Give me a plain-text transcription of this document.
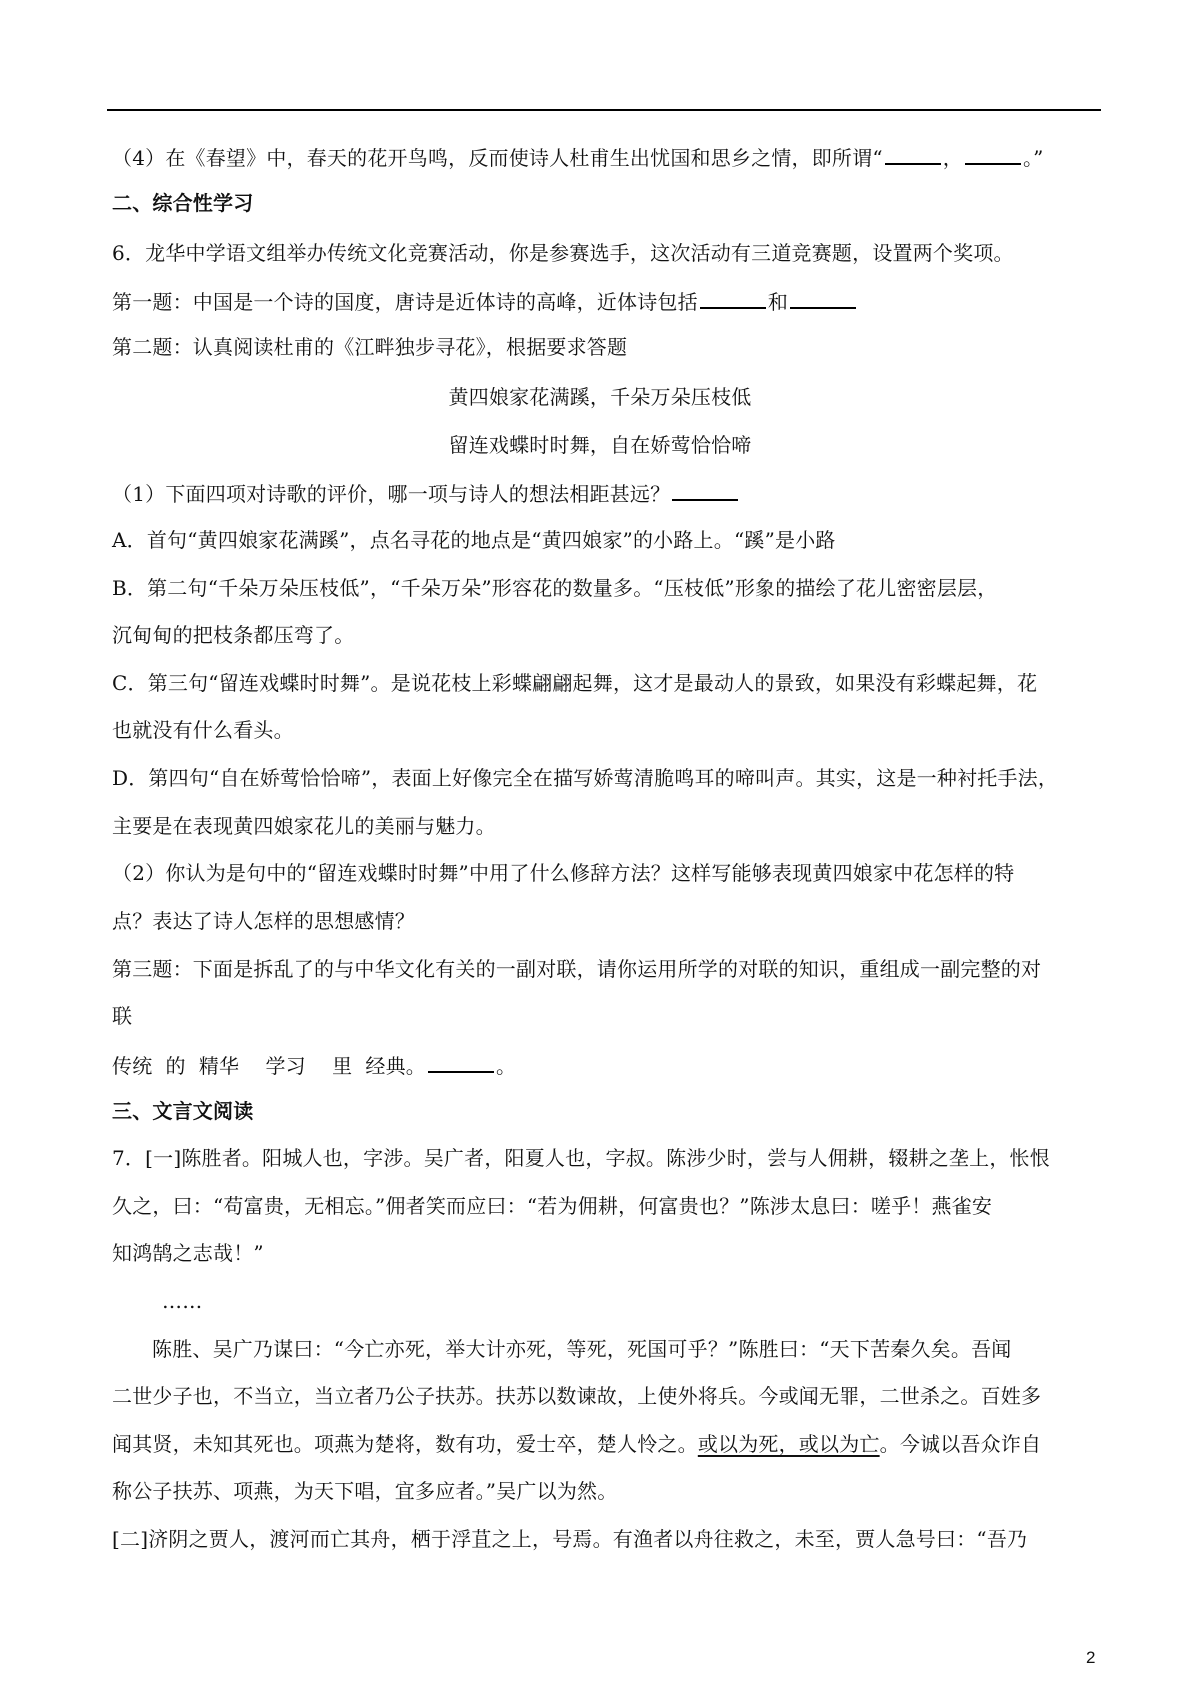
（4）在《春望》中，春天的花开鸟鸣，反而使诗人杜甫生出忧国和思乡之情，即所谓“	，	。”
二、综合性学习
6．龙华中学语文组举办传统文化竞赛活动，你是参赛选手，这次活动有三道竞赛题，设置两个奖项。
第一题：中国是一个诗的国度，唐诗是近体诗的高峰，近体诗包括	和
第二题：认真阅读杜甫的《江畔独步寻花》，根据要求答题
黄四娘家花满蹊，千朵万朵压枝低
留连戏蝶时时舞，自在娇莺恰恰啼
（1）下面四项对诗歌的评价，哪一项与诗人的想法相距甚远？
A．首句“黄四娘家花满蹊”，点名寻花的地点是“黄四娘家”的小路上。“蹊”是小路
B．第二句“千朵万朵压枝低”，“千朵万朵”形容花的数量多。“压枝低”形象的描绘了花儿密密层层，
沉甸甸的把枝条都压弯了。
C．第三句“留连戏蝶时时舞”。是说花枝上彩蝶翩翩起舞，这才是最动人的景致，如果没有彩蝶起舞，花
也就没有什么看头。
D．第四句“自在娇莺恰恰啼”，表面上好像完全在描写娇莺清脆鸣耳的啼叫声。其实，这是一种衬托手法，
主要是在表现黄四娘家花儿的美丽与魅力。
（2）你认为是句中的“留连戏蝶时时舞”中用了什么修辞方法？这样写能够表现黄四娘家中花怎样的特
点？表达了诗人怎样的思想感情？
第三题：下面是拆乱了的与中华文化有关的一副对联，请你运用所学的对联的知识，重组成一副完整的对
联
传统  的  精华    学习    里  经典。	。
三、文言文阅读
7．[一]陈胜者。阳城人也，字涉。吴广者，阳夏人也，字叔。陈涉少时，尝与人佣耕，辍耕之垄上，怅恨
久之，曰：“苟富贵，无相忘。”佣者笑而应曰：“若为佣耕，何富贵也？”陈涉太息曰：嗟乎！燕雀安
知鸿鹄之志哉！”
……
陈胜、吴广乃谋曰：“今亡亦死，举大计亦死，等死，死国可乎？”陈胜曰：“天下苦秦久矣。吾闻
二世少子也，不当立，当立者乃公子扶苏。扶苏以数谏故，上使外将兵。今或闻无罪，二世杀之。百姓多
闻其贤，未知其死也。项燕为楚将，数有功，爱士卒，楚人怜之。或以为死，或以为亡。今诚以吾众诈自
称公子扶苏、项燕，为天下唱，宜多应者。”吴广以为然。
[二]济阴之贾人，渡河而亡其舟，栖于浮苴之上，号焉。有渔者以舟往救之，未至，贾人急号曰：“吾乃
2
